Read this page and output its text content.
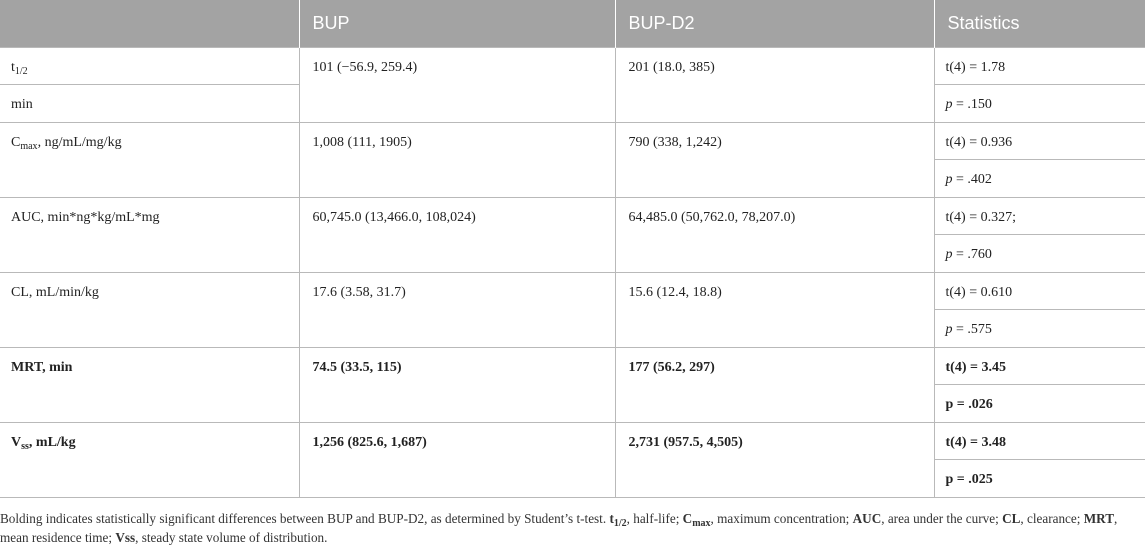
	BUP	BUP-D2	Statistics
$t_{1/2}$	101 (−56.9, 259.4)	201 (18.0, 385)	t(4) = 1.78
min			p = .150
$C_{max}$, ng/mL/mg/kg	1,008 (111, 1905)	790 (338, 1,242)	t(4) = 0.936
			p = .402
AUC, min*ng*kg/mL*mg	60,745.0 (13,466.0, 108,024)	64,485.0 (50,762.0, 78,207.0)	t(4) = 0.327;
			p = .760
CL, mL/min/kg	17.6 (3.58, 31.7)	15.6 (12.4, 18.8)	t(4) = 0.610
			p = .575
MRT, min	74.5 (33.5, 115)	177 (56.2, 297)	t(4) = 3.45
			p = .026
$V_{ss}$, mL/kg	1,256 (825.6, 1,687)	2,731 (957.5, 4,505)	t(4) = 3.48
			p = .025
Bolding indicates statistically significant differences between BUP and BUP-D2, as determined by Student’s t-test. $t_{1/2}$, half-life; $C_{max}$, maximum concentration; AUC, area under the curve; CL, clearance; MRT, mean residence time; Vss, steady state volume of distribution.
